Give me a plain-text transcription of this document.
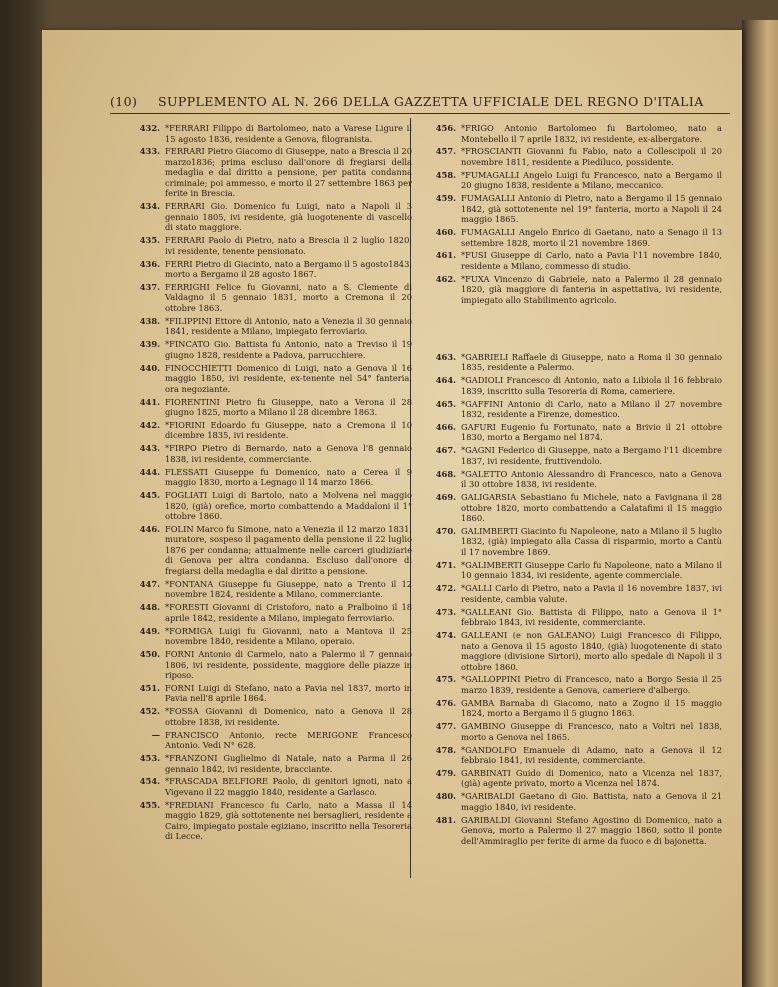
(10)	SUPPLEMENTO AL N. 266 DELLA GAZZETTA UFFICIALE DEL REGNO D'ITALIA
432. *FERRARI Filippo di Bartolomeo, nato a Varese Ligure il 15 agosto 1836, residente a Genova, filogranista.
433. FERRARI Pietro Giacomo di Giuseppe, nato a Brescia il 20 marzo1836; prima escluso dall'onore di fregiarsi della medaglia e dal diritto a pensione, per patita condanna criminale; poi ammesso, e morto il 27 settembre 1863 per ferite in Brescia.
434. FERRARI Gio. Domenico fu Luigi, nato a Napoli il 3 gennaio 1805, ivi residente, già luogotenente di vascello di stato maggiore.
435. FERRARI Paolo di Pietro, nato a Brescia il 2 luglio 1820, ivi residente, tenente pensionato.
436. FERRI Pietro di Giacinto, nato a Bergamo il 5 agosto1843, morto a Bergamo il 28 agosto 1867.
437. FERRIGHI Felice fu Giovanni, nato a S. Clemente di Valdagno il 5 gennaio 1831, morto a Cremona il 20 ottobre 1863.
438. *FILIPPINI Ettore di Antonio, nato a Venezia il 30 gennaio 1841, residente a Milano, impiegato ferroviario.
439. *FINCATO Gio. Battista fu Antonio, nato a Treviso il 19 giugno 1828, residente a Padova, parrucchiere.
440. FINOCCHIETTI Domenico di Luigi, nato a Genova il 16 maggio 1850, ivi residente, ex-tenente nel 54° fanteria, ora negoziante.
441. FIORENTINI Pietro fu Giuseppe, nato a Verona il 28 giugno 1825, morto a Milano il 28 dicembre 1863.
442. *FIORINI Edoardo fu Giuseppe, nato a Cremona il 10 dicembre 1835, ivi residente.
443. *FIRPO Pietro di Bernardo, nato a Genova l'8 gennaio 1838, ivi residente, commerciante.
444. FLESSATI Giuseppe fu Domenico, nato a Cerea il 9 maggio 1830, morto a Legnago il 14 marzo 1866.
445. FOGLIATI Luigi di Bartolo, nato a Molvena nel maggio 1820, (già) orefice, morto combattendo a Maddaloni il 1° ottobre 1860.
446. FOLIN Marco fu Simone, nato a Venezia il 12 marzo 1831, muratore, sospeso il pagamento della pensione il 22 luglio 1876 per condanna; attualmente nelle carceri giudiziarie di Genova per altra condanna. Escluso dall'onore di fregiarsi della medaglia e dal diritto a pensione.
447. *FONTANA Giuseppe fu Giuseppe, nato a Trento il 12 novembre 1824, residente a Milano, commerciante.
448. *FORESTI Giovanni di Cristoforo, nato a Pralboino il 18 aprile 1842, residente a Milano, impiegato ferroviario.
449. *FORMIGA Luigi fu Giovanni, nato a Mantova il 25 novembre 1840, residente a Milano, operaio.
450. FORNI Antonio di Carmelo, nato a Palermo il 7 gennaio 1806, ivi residente, possidente, maggiore delle piazze in riposo.
451. FORNI Luigi di Stefano, nato a Pavia nel 1837, morto in Pavia nell'8 aprile 1864.
452. *FOSSA Giovanni di Domenico, nato a Genova il 28 ottobre 1838, ivi residente.
— FRANCISCO Antonio, recte MERIGONE Francesco Antonio. Vedi N° 628.
453. *FRANZONI Guglielmo di Natale, nato a Parma il 26 gennaio 1842, ivi residente, bracciante.
454. *FRASCADA BELFIORE Paolo, di genitori ignoti, nato a Vigevano il 22 maggio 1840, residente a Garlasco.
455. *FREDIANI Francesco fu Carlo, nato a Massa il 14 maggio 1829, già sottotenente nei bersaglieri, residente a Cairo, impiegato postale egiziano, inscritto nella Tesoreria di Lecce.
456. *FRIGO Antonio Bartolomeo fu Bartolomeo, nato a Montebello il 7 aprile 1832, ivi residente, ex-albergatore.
457. *FROSCIANTI Giovanni fu Fabio, nato a Collescipoli il 20 novembre 1811, residente a Piediluco, possidente.
458. *FUMAGALLI Angelo Luigi fu Francesco, nato a Bergamo il 20 giugno 1838, residente a Milano, meccanico.
459. FUMAGALLI Antonio di Pietro, nato a Bergamo il 15 gennaio 1842, già sottotenente nel 19° fanteria, morto a Napoli il 24 maggio 1865.
460. FUMAGALLI Angelo Enrico di Gaetano, nato a Senago il 13 settembre 1828, morto il 21 novembre 1869.
461. *FUSI Giuseppe di Carlo, nato a Pavia l'11 novembre 1840, residente a Milano, commesso di studio.
462. *FUXA Vincenzo di Gabriele, nato a Palermo il 28 gennaio 1820, già maggiore di fanteria in aspettativa, ivi residente, impiegato allo Stabilimento agricolo.
463. *GABRIELI Raffaele di Giuseppe, nato a Roma il 30 gennaio 1835, residente a Palermo.
464. *GADIOLI Francesco di Antonio, nato a Libiola il 16 febbraio 1839, inscritto sulla Tesoreria di Roma, cameriere.
465. *GAFFINI Antonio di Carlo, nato a Milano il 27 novembre 1832, residente a Firenze, domestico.
466. GAFURI Eugenio fu Fortunato, nato a Brivio il 21 ottobre 1830, morto a Bergamo nel 1874.
467. *GAGNI Federico di Giuseppe, nato a Bergamo l'11 dicembre 1837, ivi residente, fruttivendolo.
468. *GALETTO Antonio Alessandro di Francesco, nato a Genova il 30 ottobre 1838, ivi residente.
469. GALIGARSIA Sebastiano fu Michele, nato a Favignana il 28 ottobre 1820, morto combattendo a Calatafimi il 15 maggio 1860.
470. GALIMBERTI Giacinto fu Napoleone, nato a Milano il 5 luglio 1832, (già) impiegato alla Cassa di risparmio, morto a Cantù il 17 novembre 1869.
471. *GALIMBERTI Giuseppe Carlo fu Napoleone, nato a Milano il 10 gennaio 1834, ivi residente, agente commerciale.
472. *GALLI Carlo di Pietro, nato a Pavia il 16 novembre 1837, ivi residente, cambia valute.
473. *GALLEANI Gio. Battista di Filippo, nato a Genova il 1° febbraio 1843, ivi residente, commerciante.
474. GALLEANI (e non GALEANO) Luigi Francesco di Filippo, nato a Genova il 15 agosto 1840, (già) luogotenente di stato maggiore (divisione Sirtori), morto allo spedale di Napoli il 3 ottobre 1860.
475. *GALLOPPINI Pietro di Francesco, nato a Borgo Sesia il 25 marzo 1839, residente a Genova, cameriere d'albergo.
476. GAMBA Barnaba di Giacomo, nato a Zogno il 15 maggio 1824, morto a Bergamo il 5 giugno 1863.
477. GAMBINO Giuseppe di Francesco, nato a Voltri nel 1838, morto a Genova nel 1865.
478. *GANDOLFO Emanuele di Adamo, nato a Genova il 12 febbraio 1841, ivi residente, commerciante.
479. GARBINATI Guido di Domenico, nato a Vicenza nel 1837, (già) agente privato, morto a Vicenza nel 1874.
480. *GARIBALDI Gaetano di Gio. Battista, nato a Genova il 21 maggio 1840, ivi residente.
481. GARIBALDI Giovanni Stefano Agostino di Domenico, nato a Genova, morto a Palermo il 27 maggio 1860, sotto il ponte dell'Ammiraglio per ferite di arme da fuoco e di bajonetta.
